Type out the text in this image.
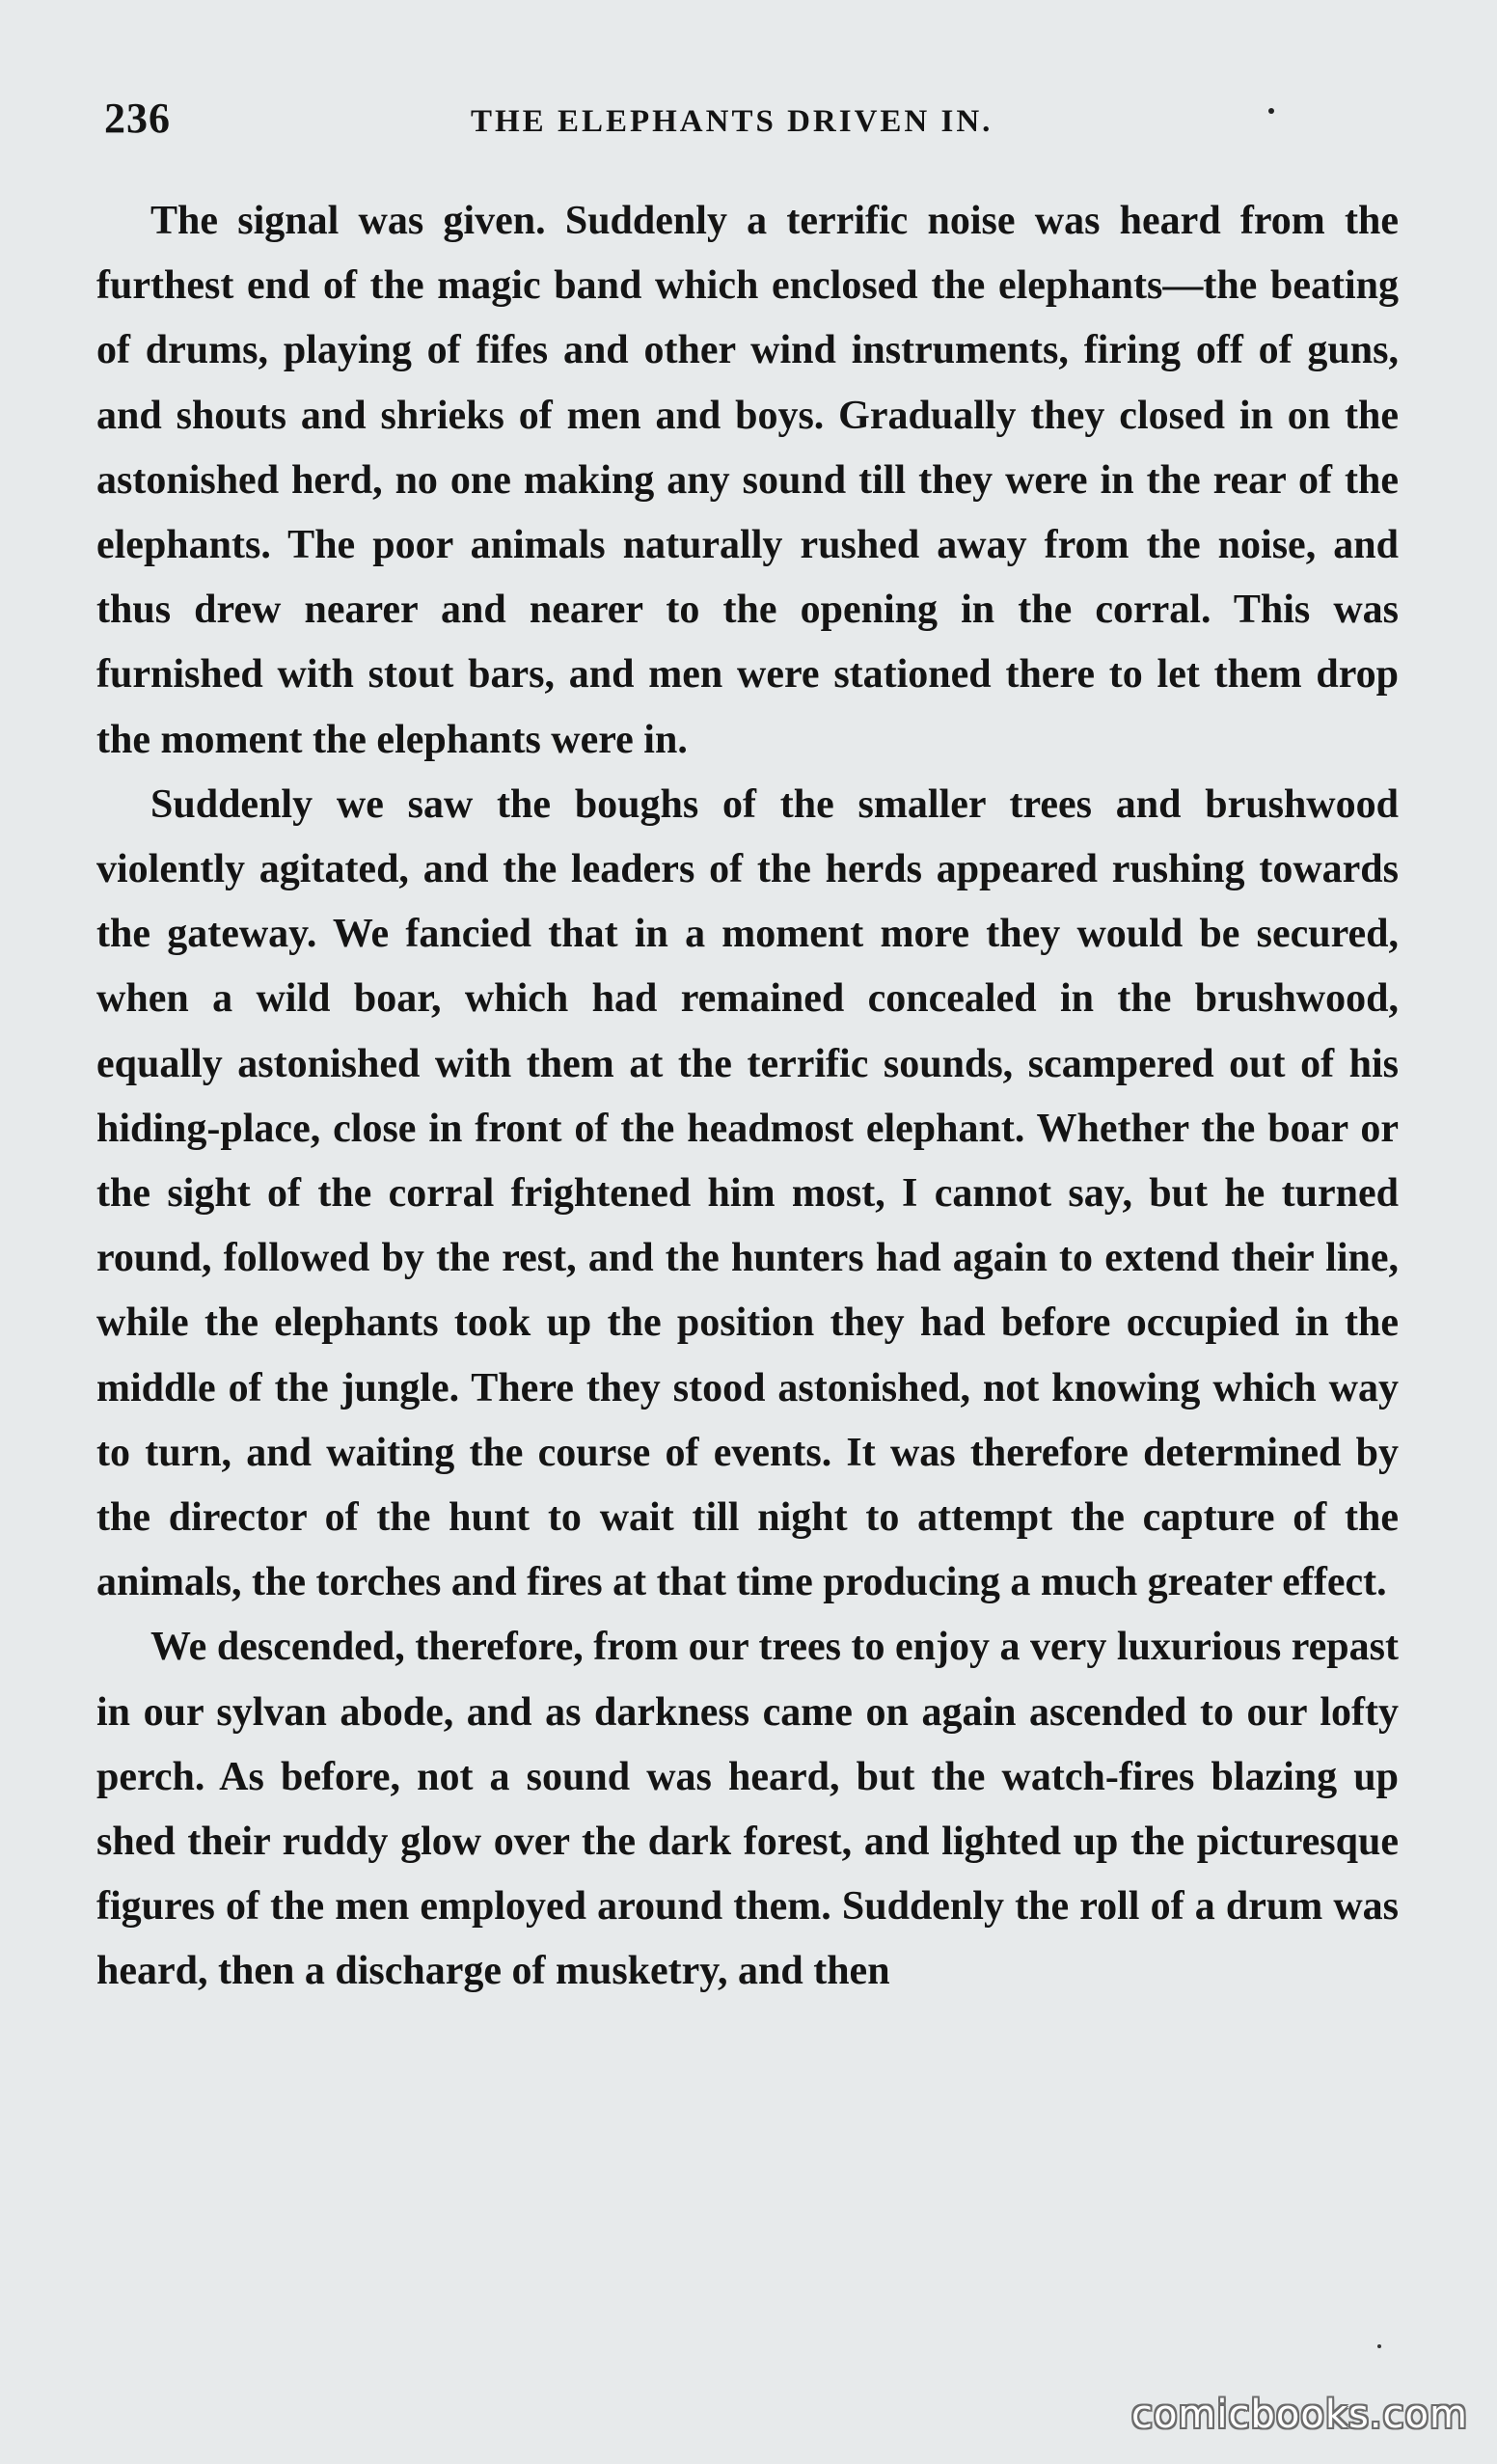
236	THE ELEPHANTS DRIVEN IN.

The signal was given. Suddenly a terrific noise was heard from the furthest end of the magic band which enclosed the elephants—the beating of drums, playing of fifes and other wind instruments, firing off of guns, and shouts and shrieks of men and boys. Gradually they closed in on the astonished herd, no one making any sound till they were in the rear of the elephants. The poor animals naturally rushed away from the noise, and thus drew nearer and nearer to the opening in the corral. This was furnished with stout bars, and men were stationed there to let them drop the moment the elephants were in.

Suddenly we saw the boughs of the smaller trees and brushwood violently agitated, and the leaders of the herds appeared rushing towards the gateway. We fancied that in a moment more they would be secured, when a wild boar, which had remained concealed in the brushwood, equally astonished with them at the terrific sounds, scampered out of his hiding-place, close in front of the headmost elephant. Whether the boar or the sight of the corral frightened him most, I cannot say, but he turned round, followed by the rest, and the hunters had again to extend their line, while the elephants took up the position they had before occupied in the middle of the jungle. There they stood astonished, not knowing which way to turn, and waiting the course of events. It was therefore determined by the director of the hunt to wait till night to attempt the capture of the animals, the torches and fires at that time producing a much greater effect.

We descended, therefore, from our trees to enjoy a very luxurious repast in our sylvan abode, and as darkness came on again ascended to our lofty perch. As before, not a sound was heard, but the watch-fires blazing up shed their ruddy glow over the dark forest, and lighted up the picturesque figures of the men employed around them. Suddenly the roll of a drum was heard, then a discharge of musketry, and then

comicbooks.com
